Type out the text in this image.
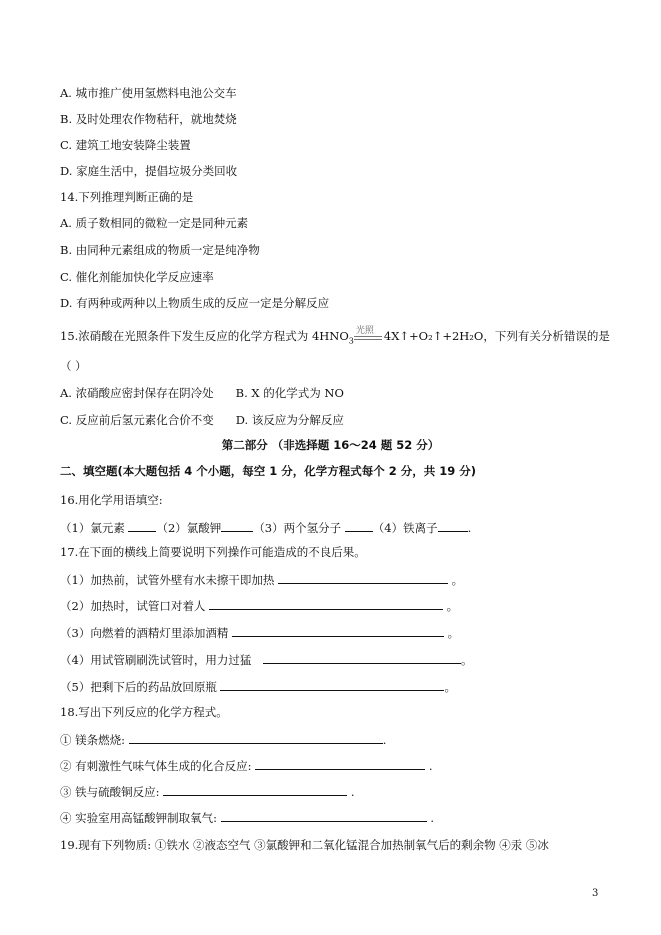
A. 城市推广使用氢燃料电池公交车
B. 及时处理农作物秸秆，就地焚烧
C. 建筑工地安装降尘装置
D. 家庭生活中，提倡垃圾分类回收
14.下列推理判断正确的是
A. 质子数相同的微粒一定是同种元素
B. 由同种元素组成的物质一定是纯净物
C. 催化剂能加快化学反应速率
D. 有两种或两种以上物质生成的反应一定是分解反应
15.浓硝酸在光照条件下发生反应的化学方程式为 $4HNO_3$
光照 4X↑+O₂↑+2H₂O，下列有关分析错误的是
（ ）
A. 浓硝酸应密封保存在阴冷处 B. X 的化学式为 NO
C. 反应前后氢元素化合价不变 D. 该反应为分解反应
第二部分 （非选择题 16～24 题 52 分）
二、填空题(本大题包括 4 个小题，每空 1 分，化学方程式每个 2 分，共 19 分)
16.用化学用语填空:
（1）氯元素	（2）氯酸钾	（3）两个氢分子	（4）铁离子	.
17.在下面的横线上简要说明下列操作可能造成的不良后果。
（1）加热前，试管外壁有水未擦干即加热	。
（2）加热时，试管口对着人	。
（3）向燃着的酒精灯里添加酒精	。
（4）用试管刷刷洗试管时，用力过猛	。
（5）把剩下后的药品放回原瓶	。
18.写出下列反应的化学方程式。
① 镁条燃烧:	.
② 有刺激性气味气体生成的化合反应:	.
③ 铁与硫酸铜反应:	.
④ 实验室用高锰酸钾制取氧气:	.
19.现有下列物质: ①铁水 ②液态空气 ③氯酸钾和二氧化锰混合加热制氧气后的剩余物 ④汞 ⑤冰
3
